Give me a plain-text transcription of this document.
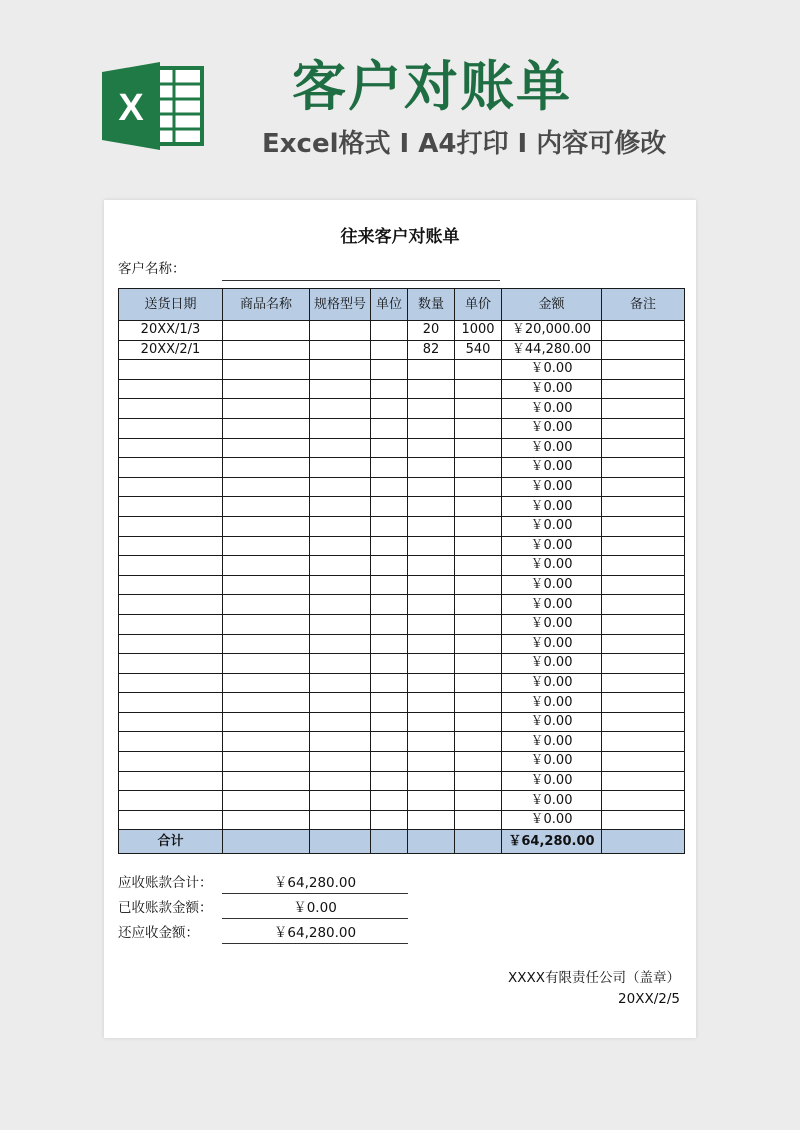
X	客户对账单
Excel格式 I A4打印 I 内容可修改
往来客户对账单
客户名称：
送货日期	商品名称	规格型号	单位	数量	单价	金额	备注
20XX/1/3				20	1000	￥20,000.00	
20XX/2/1				82	540	￥44,280.00	
						￥0.00	
						￥0.00	
						￥0.00	
						￥0.00	
						￥0.00	
						￥0.00	
						￥0.00	
						￥0.00	
						￥0.00	
						￥0.00	
						￥0.00	
						￥0.00	
						￥0.00	
						￥0.00	
						￥0.00	
						￥0.00	
						￥0.00	
						￥0.00	
						￥0.00	
						￥0.00	
						￥0.00	
						￥0.00	
						￥0.00	
						￥0.00	
合计						￥64,280.00	
应收账款合计：	￥64,280.00
已收账款金额：	￥0.00
还应收金额：	￥64,280.00
XXXX有限责任公司（盖章）
20XX/2/5
